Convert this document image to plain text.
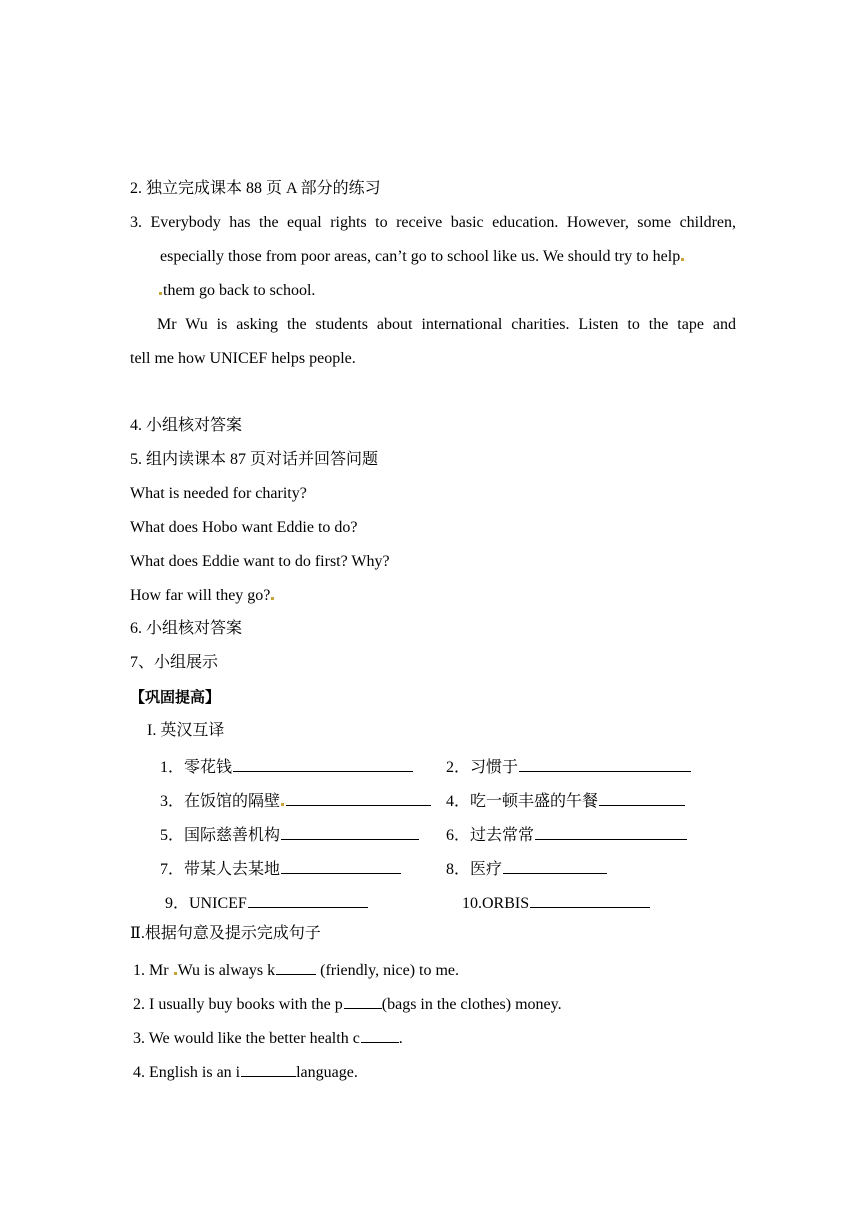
2. 独立完成课本 88 页 A 部分的练习
3. Everybody has the equal rights to receive basic education. However, some children,
especially those from poor areas, can’t go to school like us. We should try to help
them go back to school.
Mr Wu is asking the students about international charities. Listen to the tape and
tell me how UNICEF helps people.
4. 小组核对答案
5. 组内读课本 87 页对话并回答问题
What is needed for charity?
What does Hobo want Eddie to do?
What does Eddie want to do first? Why?
How far will they go?
6. 小组核对答案
7、小组展示
【巩固提高】
I. 英汉互译
1．零花钱	2．习惯于
3．在饭馆的隔壁	4．吃一顿丰盛的午餐
5．国际慈善机构	6．过去常常
7．带某人去某地	8．医疗
9．UNICEF	10.ORBIS
Ⅱ.根据句意及提示完成句子
1. Mr Wu is always k	(friendly, nice) to me.
2. I usually buy books with the p (bags in the clothes) money.
3. We would like the better health c .
4. English is an i	language.
